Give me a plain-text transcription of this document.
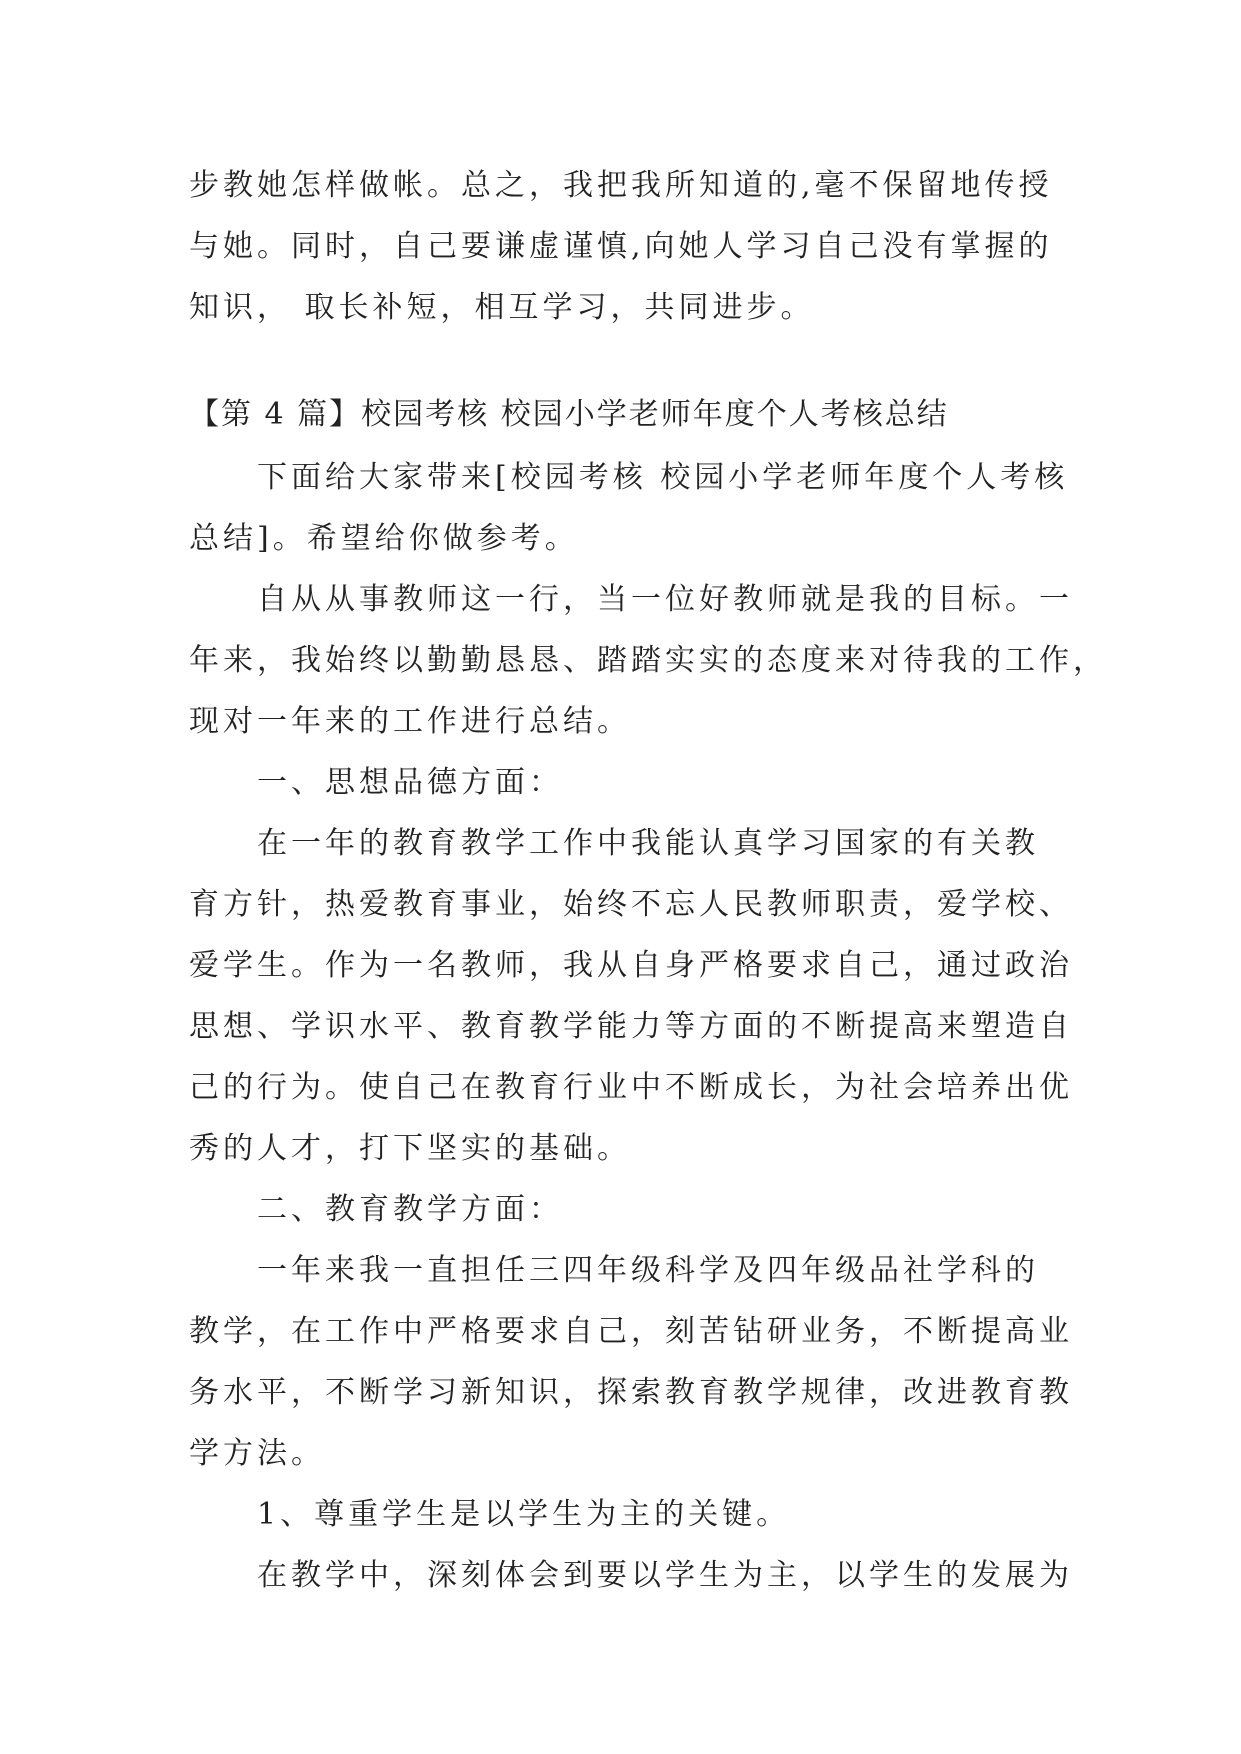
步教她怎样做帐。总之，我把我所知道的,毫不保留地传授
与她。同时，自己要谦虚谨慎,向她人学习自己没有掌握的
知识， 取长补短，相互学习，共同进步。
【第 4 篇】校园考核 校园小学老师年度个人考核总结
下面给大家带来[校园考核 校园小学老师年度个人考核
总结]。希望给你做参考。
自从从事教师这一行，当一位好教师就是我的目标。一
年来，我始终以勤勤恳恳、踏踏实实的态度来对待我的工作，
现对一年来的工作进行总结。
一、思想品德方面：
在一年的教育教学工作中我能认真学习国家的有关教
育方针，热爱教育事业，始终不忘人民教师职责，爱学校、
爱学生。作为一名教师，我从自身严格要求自己，通过政治
思想、学识水平、教育教学能力等方面的不断提高来塑造自
己的行为。使自己在教育行业中不断成长，为社会培养出优
秀的人才，打下坚实的基础。
二、教育教学方面：
一年来我一直担任三四年级科学及四年级品社学科的
教学，在工作中严格要求自己，刻苦钻研业务，不断提高业
务水平，不断学习新知识，探索教育教学规律，改进教育教
学方法。
1、尊重学生是以学生为主的关键。
在教学中，深刻体会到要以学生为主，以学生的发展为
